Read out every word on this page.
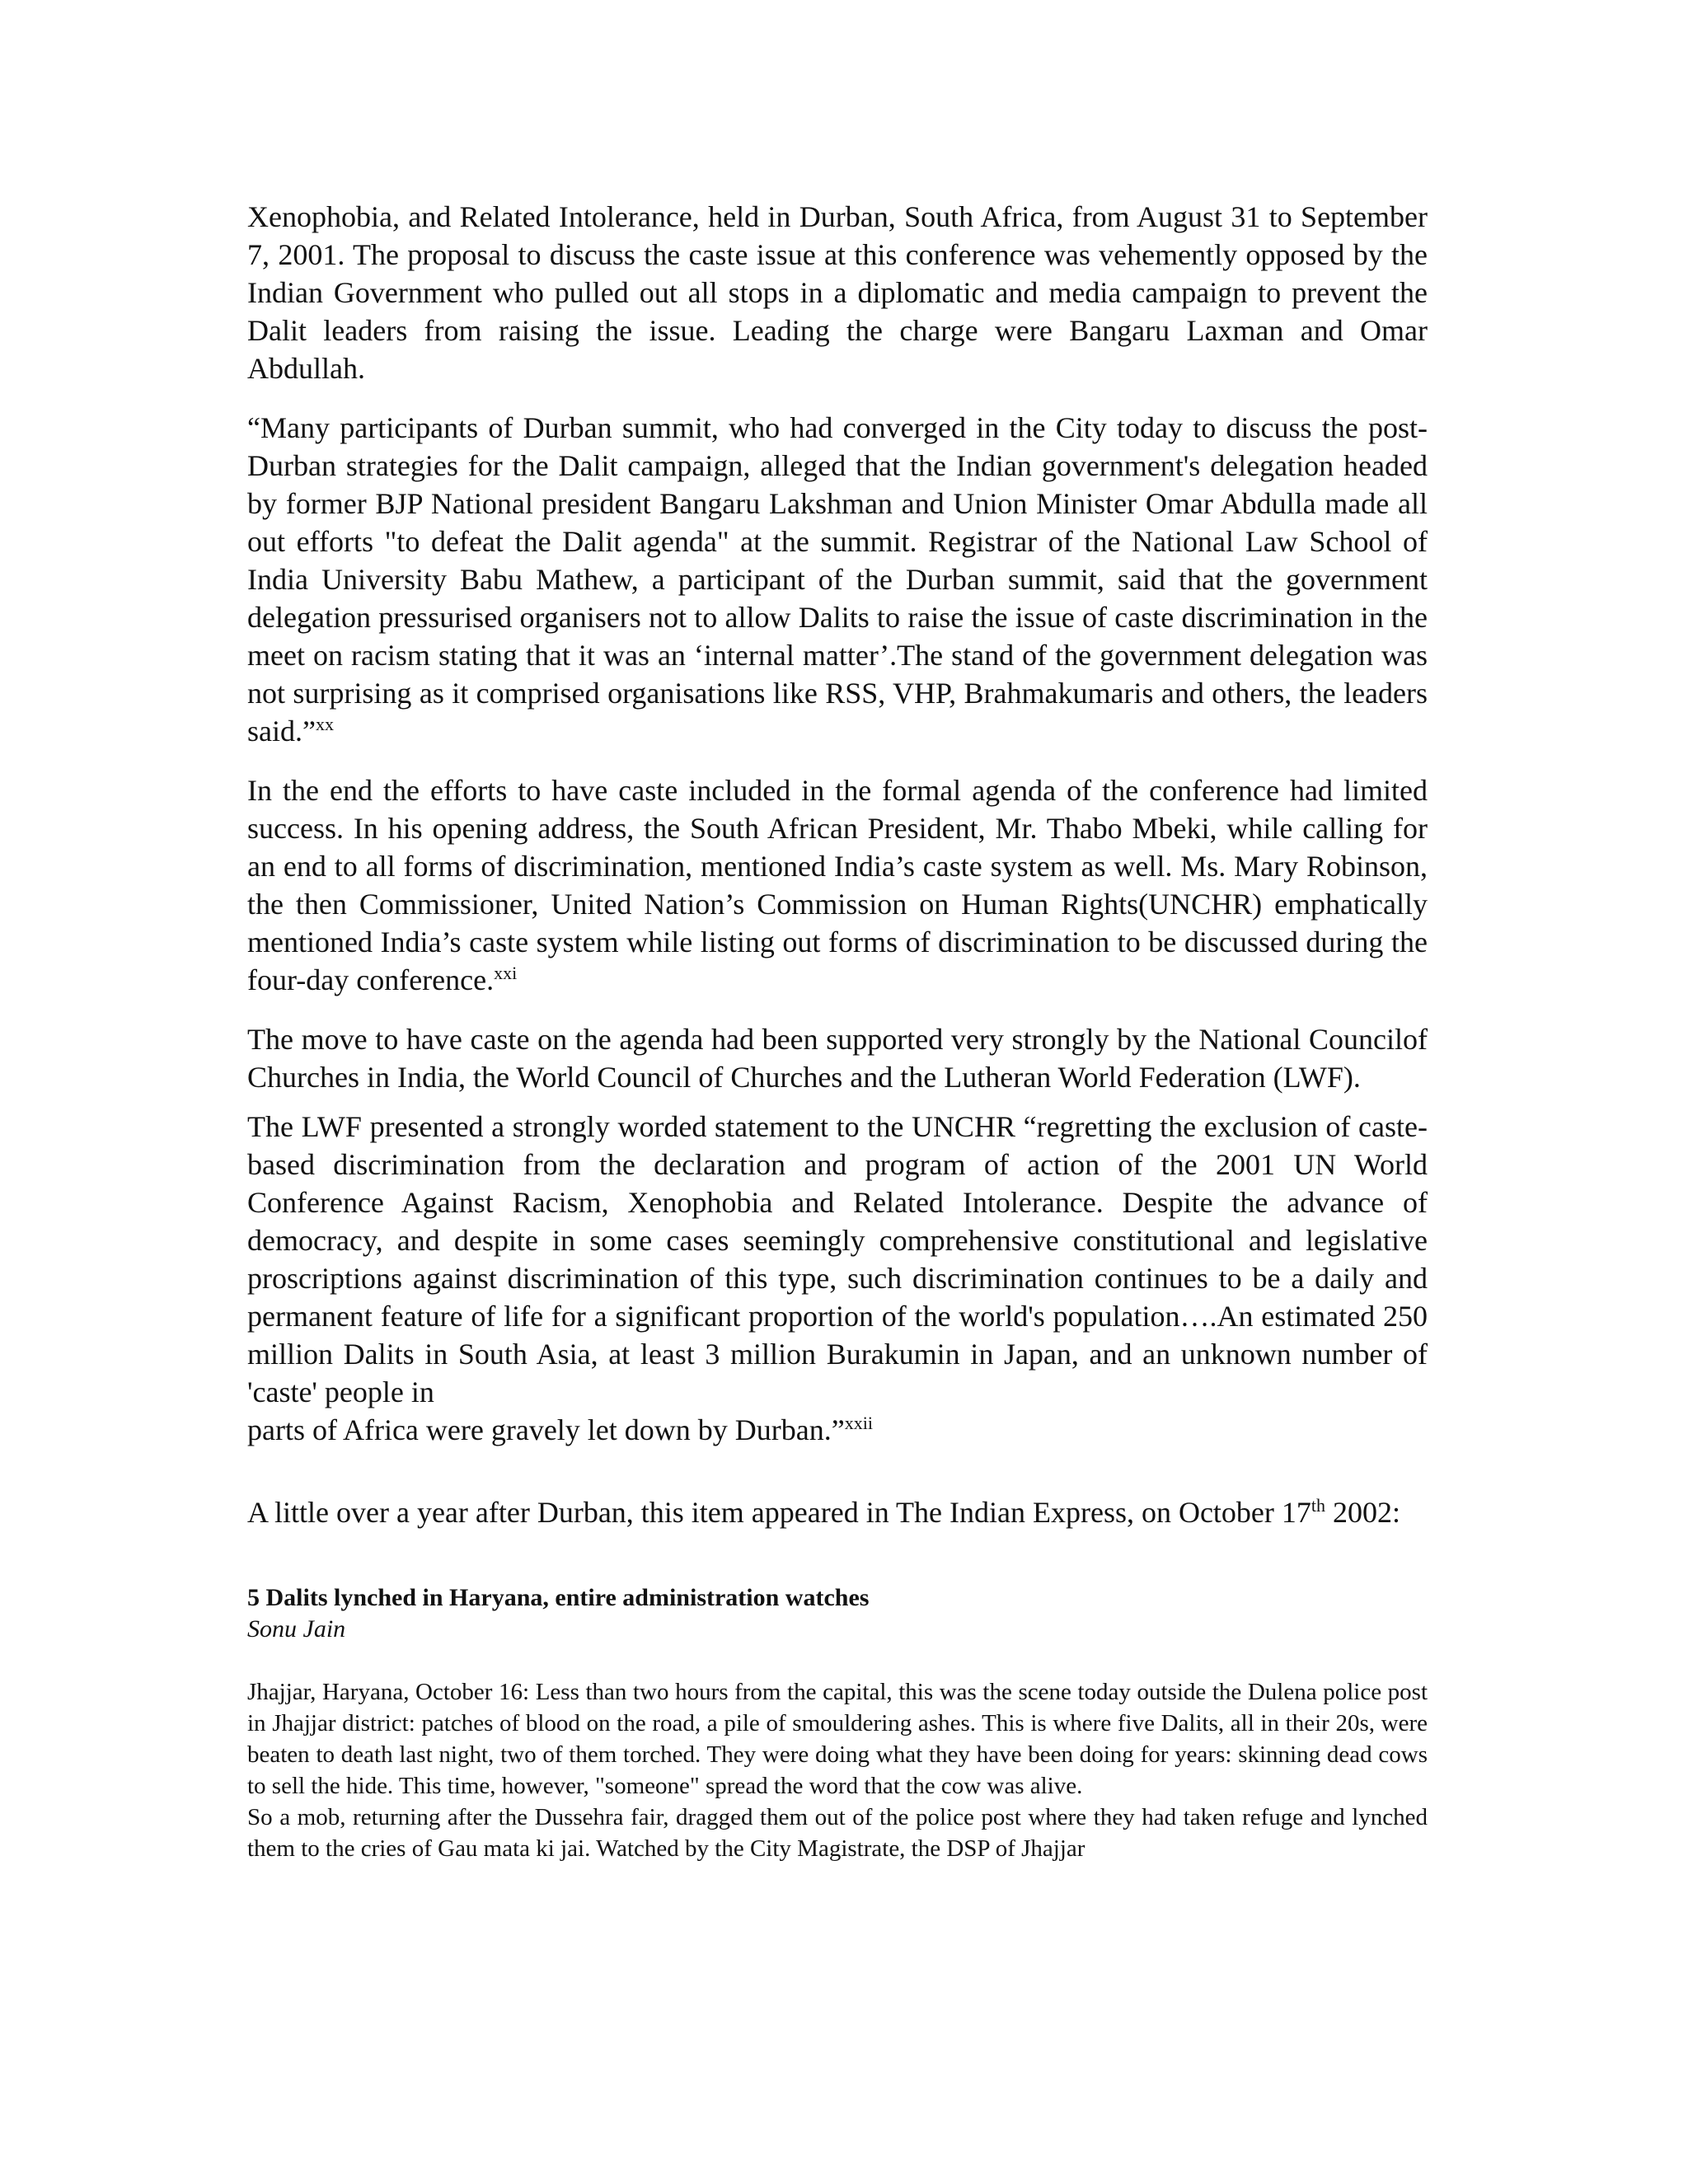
Xenophobia, and Related Intolerance, held in Durban, South Africa, from August 31 to September 7, 2001. The proposal to discuss the caste issue at this conference was vehemently opposed by the Indian Government who pulled out all stops in a diplomatic and media campaign to prevent the Dalit leaders from raising the issue. Leading the charge were Bangaru Laxman and Omar Abdullah.

“Many participants of Durban summit, who had converged in the City today to discuss the post-Durban strategies for the Dalit campaign, alleged that the Indian government's delegation headed by former BJP National president Bangaru Lakshman and Union Minister Omar Abdulla made all out efforts "to defeat the Dalit agenda" at the summit. Registrar of the National Law School of India University Babu Mathew, a participant of the Durban summit, said that the government delegation pressurised organisers not to allow Dalits to raise the issue of caste discrimination in the meet on racism stating that it was an ‘internal matter’.The stand of the government delegation was not surprising as it comprised organisations like RSS, VHP, Brahmakumaris and others, the leaders said.”$^{xx}$

In the end the efforts to have caste included in the formal agenda of the conference had limited success. In his opening address, the South African President, Mr. Thabo Mbeki, while calling for an end to all forms of discrimination, mentioned India’s caste system as well. Ms. Mary Robinson, the then Commissioner, United Nation’s Commission on Human Rights(UNCHR) emphatically mentioned India’s caste system while listing out forms of discrimination to be discussed during the four-day conference.$^{xxi}$

The move to have caste on the agenda had been supported very strongly by the National Councilof Churches in India, the World Council of Churches and the Lutheran World Federation (LWF).

The LWF presented a strongly worded statement to the UNCHR “regretting the exclusion of caste-based discrimination from the declaration and program of action of the 2001 UN World Conference Against Racism, Xenophobia and Related Intolerance. Despite the advance of democracy, and despite in some cases seemingly comprehensive constitutional and legislative proscriptions against discrimination of this type, such discrimination continues to be a daily and permanent feature of life for a significant proportion of the world's population….An estimated 250 million Dalits in South Asia, at least 3 million Burakumin in Japan, and an unknown number of 'caste' people in

parts of Africa were gravely let down by Durban.”$^{xxii}$

A little over a year after Durban, this item appeared in The Indian Express, on October 17th 2002:

5 Dalits lynched in Haryana, entire administration watches

Sonu Jain

Jhajjar, Haryana, October 16: Less than two hours from the capital, this was the scene today outside the Dulena police post in Jhajjar district: patches of blood on the road, a pile of smouldering ashes. This is where five Dalits, all in their 20s, were beaten to death last night, two of them torched. They were doing what they have been doing for years: skinning dead cows to sell the hide. This time, however, "someone" spread the word that the cow was alive.

So a mob, returning after the Dussehra fair, dragged them out of the police post where they had taken refuge and lynched them to the cries of Gau mata ki jai. Watched by the City Magistrate, the DSP of Jhajjar
